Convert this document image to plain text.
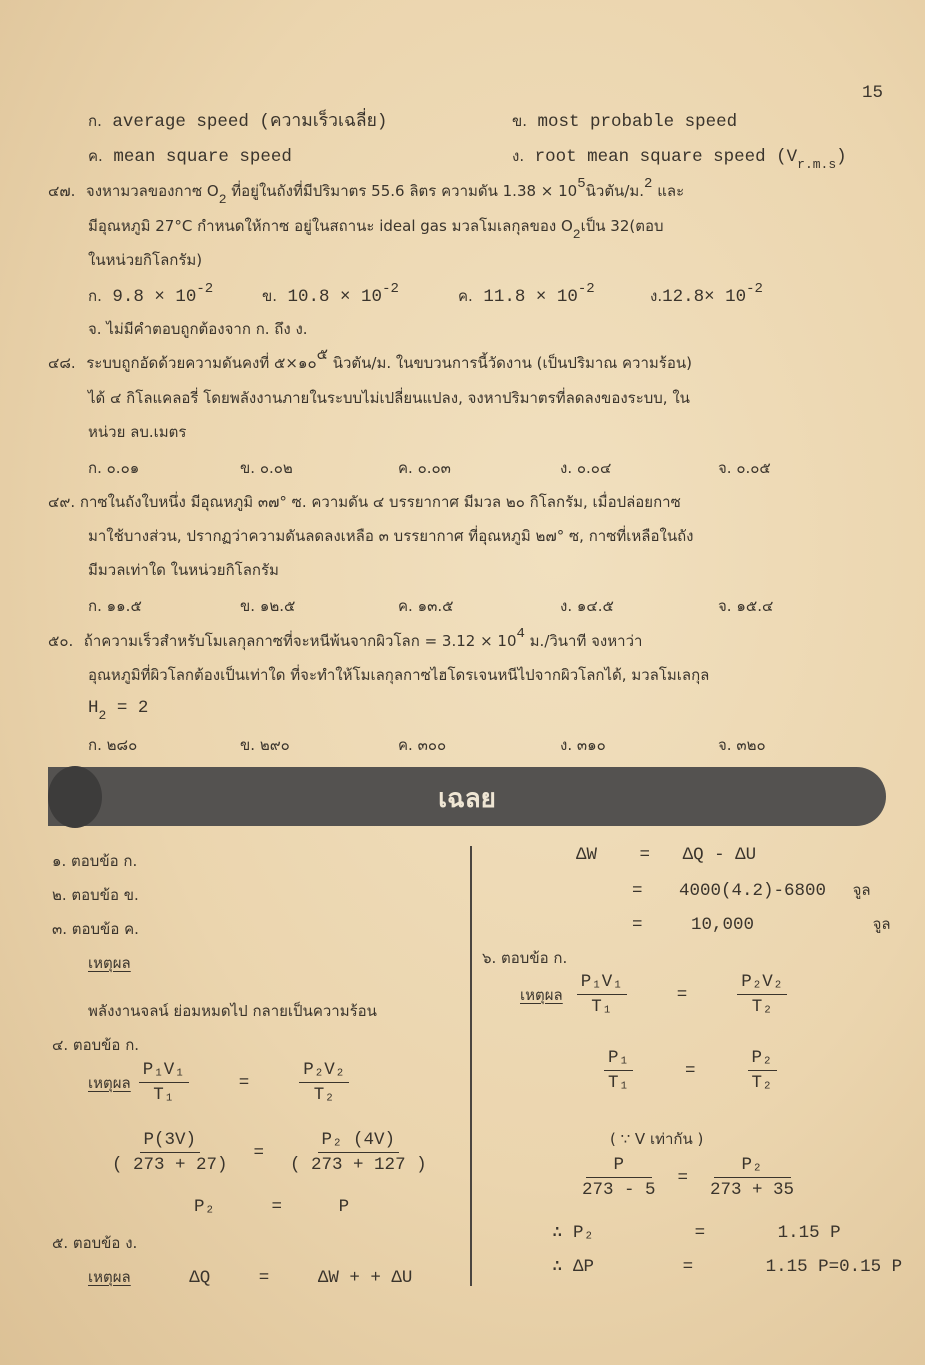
15
ก. average speed (ความเร็วเฉลี่ย)	ข. most probable speed
ค. mean square speed	ง. root mean square speed $(V_{r.m.s})$
๔๗. จงหามวลของกาซ $O_2$ ที่อยู่ในถังที่มีปริมาตร 55.6 ลิตร ความดัน $1.38 \times 10^5$นิวตัน/ม.$^2$ และ
มีอุณหภูมิ 27°C กำหนดให้กาซ อยู่ในสถานะ ideal gas มวลโมเลกุลของ $O_2$เป็น 32(ตอบ
ในหน่วยกิโลกรัม)
ก. $9.8 \times 10^{-2}$	ข. $10.8 \times 10^{-2}$	ค. $11.8 \times 10^{-2}$	ง$.12.8\times 10^{-2}$
จ. ไม่มีคำตอบถูกต้องจาก ก. ถึง ง.
๔๘. ระบบถูกอัดด้วยความดันคงที่ ๕×๑๐$^๕$ นิวตัน/ม. ในขบวนการนี้วัดงาน (เป็นปริมาณ ความร้อน)
ได้ ๔ กิโลแคลอรี่ โดยพลังงานภายในระบบไม่เปลี่ยนแปลง, จงหาปริมาตรที่ลดลงของระบบ, ใน
หน่วย ลบ.เมตร
ก. ๐.๐๑	ข. ๐.๐๒	ค. ๐.๐๓	ง. ๐.๐๔	จ. ๐.๐๕
๔๙. กาซในถังใบหนึ่ง มีอุณหภูมิ ๓๗° ซ. ความดัน ๔ บรรยากาศ มีมวล ๒๐ กิโลกรัม, เมื่อปล่อยกาซ
มาใช้บางส่วน, ปรากฏว่าความดันลดลงเหลือ ๓ บรรยากาศ ที่อุณหภูมิ ๒๗° ซ, กาซที่เหลือในถัง
มีมวลเท่าใด ในหน่วยกิโลกรัม
ก. ๑๑.๕	ข. ๑๒.๕	ค. ๑๓.๕	ง. ๑๔.๕	จ. ๑๕.๔
๕๐. ถ้าความเร็วสำหรับโมเลกุลกาซที่จะหนีพ้นจากผิวโลก = $3.12 \times 10^4$ ม./วินาที จงหาว่า
อุณหภูมิที่ผิวโลกต้องเป็นเท่าใด ที่จะทำให้โมเลกุลกาซไฮโดรเจนหนีไปจากผิวโลกได้, มวลโมเลกุล
$H_2 = 2$
ก. ๒๘๐	ข. ๒๙๐	ค. ๓๐๐	ง. ๓๑๐	จ. ๓๒๐
เฉลย
๑. ตอบข้อ ก.
๒. ตอบข้อ ข.
๓. ตอบข้อ ค.
เหตุผล
พลังงานจลน์ ย่อมหมดไป กลายเป็นความร้อน
๔. ตอบข้อ ก.
เหตุผล $\frac{\text{P₁V₁}}{\text{T₁}}$	=	$\frac{\text{P₂V₂}}{\text{T₂}}$
$\frac{P(3V)}{( 273 + 27)} = \frac{\text{P₂ (4V)}}{( 273 + 127 )}$
P₂	=	P
๕. ตอบข้อ ง.
เหตุผล	ΔQ	=	ΔW + + ΔU
ΔW = ΔQ - ΔU
= 4000(4.2)-6800 จูล
=	10,000	จูล
๖. ตอบข้อ ก.
เหตุผล $\frac{\text{P₁V₁}}{\text{T₁}}$	=	$\frac{\text{P₂V₂}}{\text{T₂}}$
$\frac{\text{P₁}}{\text{T₁}}$	=	$\frac{\text{P₂}}{\text{T₂}}$
( ∵ V เท่ากัน )
$\frac{P}{273 - 5} = \frac{\text{P₂}}{273 + 35}$
∴ P₂	=	1.15 P
∴ ΔP	=	1.15 P=0.15 P
